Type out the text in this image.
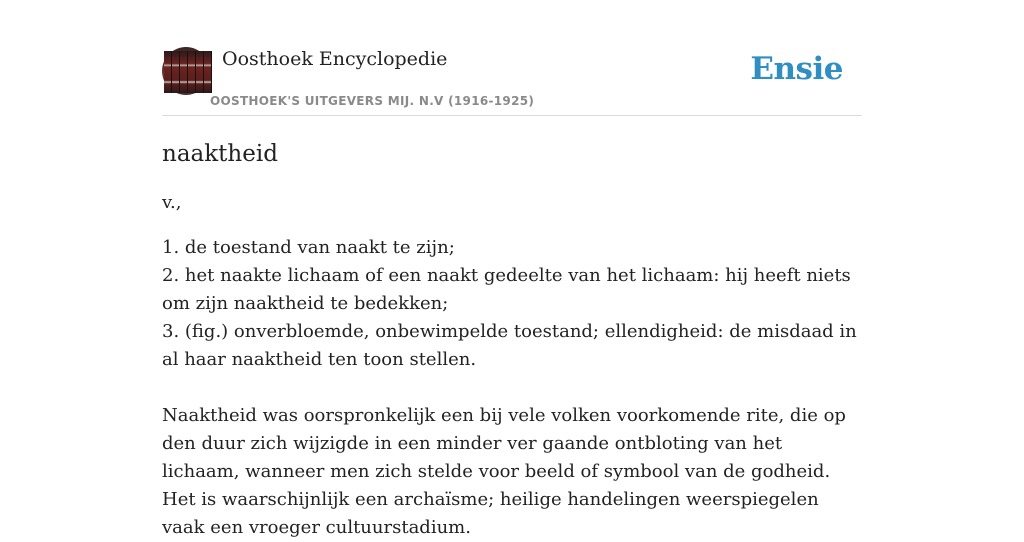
Oosthoek Encyclopedie
OOSTHOEK'S UITGEVERS MIJ. N.V (1916-1925)
Ensie
naaktheid
v.,
1. de toestand van naakt te zijn;
2. het naakte lichaam of een naakt gedeelte van het lichaam: hij heeft niets om zijn naaktheid te bedekken;
3. (fig.) onverbloemde, onbewimpelde toestand; ellendigheid: de misdaad in al haar naaktheid ten toon stellen.
Naaktheid was oorspronkelijk een bij vele volken voorkomende rite, die op den duur zich wijzigde in een minder ver gaande ontbloting van het lichaam, wanneer men zich stelde voor beeld of symbool van de godheid. Het is waarschijnlijk een archaïsme; heilige handelingen weerspiegelen vaak een vroeger cultuurstadium.
